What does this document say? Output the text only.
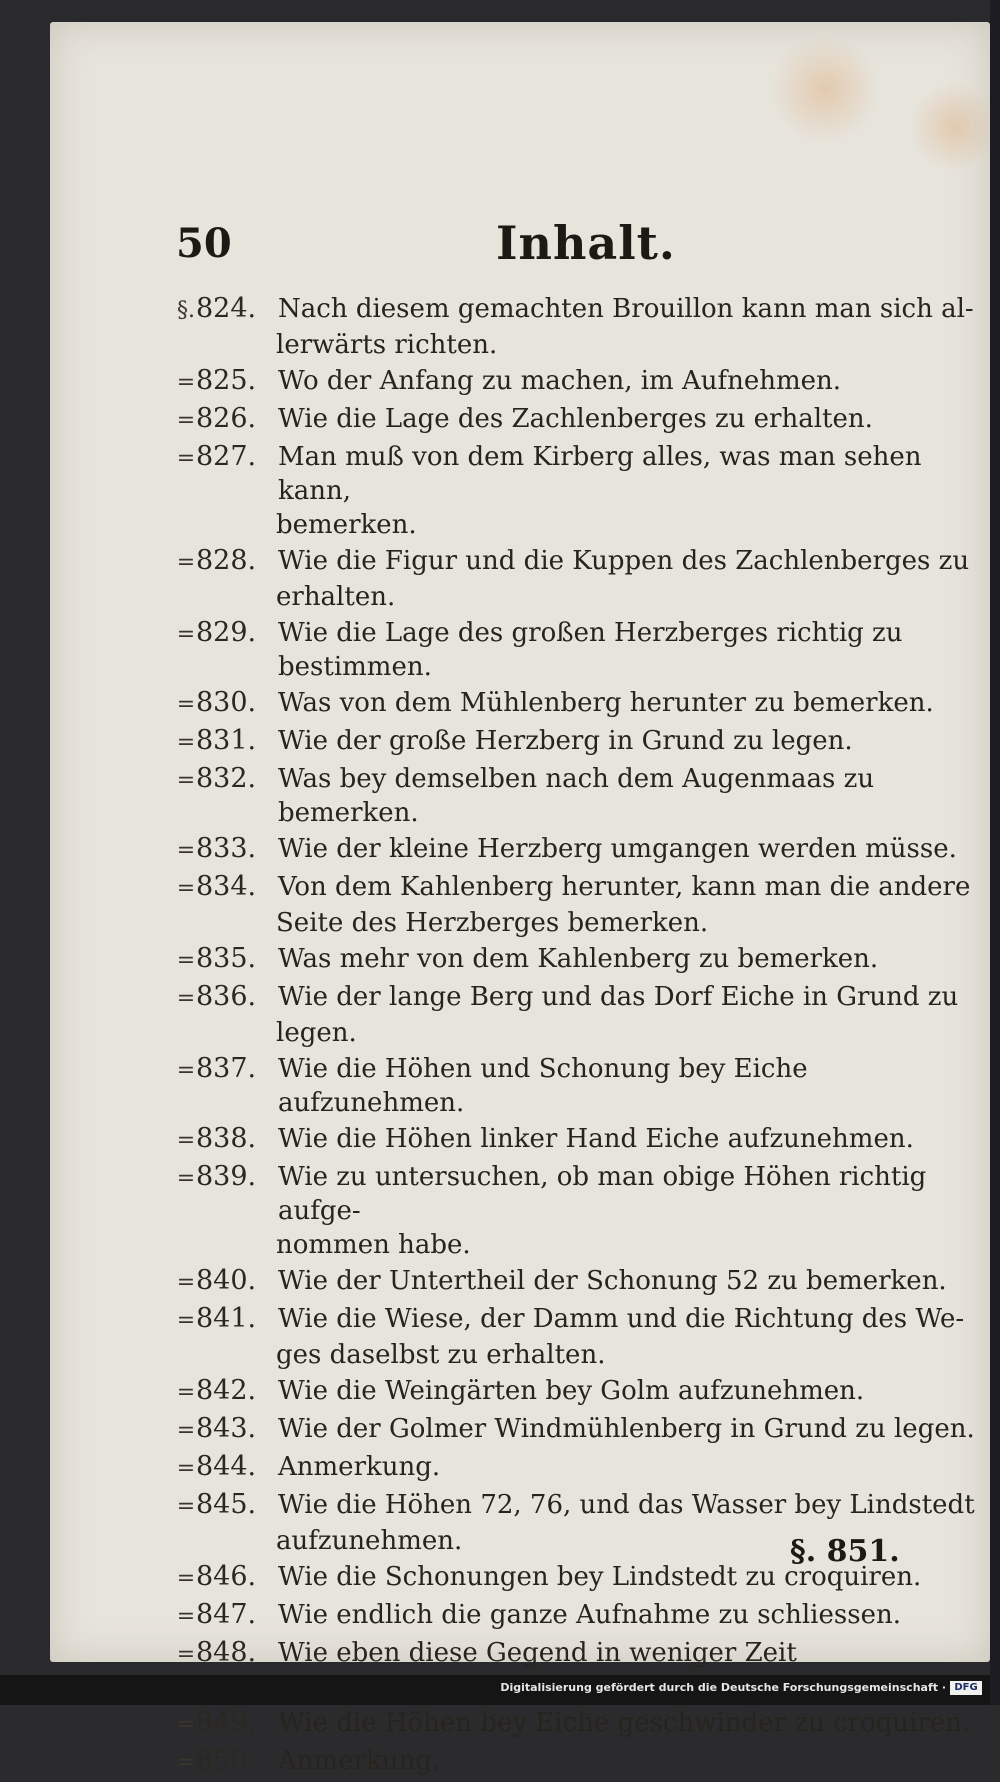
50	Inhalt.
§. 824. Nach diesem gemachten Brouillon kann man sich al-
lerwärts richten.
= 825. Wo der Anfang zu machen, im Aufnehmen.
= 826. Wie die Lage des Zachlenberges zu erhalten.
= 827. Man muß von dem Kirberg alles, was man sehen kann,
bemerken.
= 828. Wie die Figur und die Kuppen des Zachlenberges zu
erhalten.
= 829. Wie die Lage des großen Herzberges richtig zu bestimmen.
= 830. Was von dem Mühlenberg herunter zu bemerken.
= 831. Wie der große Herzberg in Grund zu legen.
= 832. Was bey demselben nach dem Augenmaas zu bemerken.
= 833. Wie der kleine Herzberg umgangen werden müsse.
= 834. Von dem Kahlenberg herunter, kann man die andere
Seite des Herzberges bemerken.
= 835. Was mehr von dem Kahlenberg zu bemerken.
= 836. Wie der lange Berg und das Dorf Eiche in Grund zu
legen.
= 837. Wie die Höhen und Schonung bey Eiche aufzunehmen.
= 838. Wie die Höhen linker Hand Eiche aufzunehmen.
= 839. Wie zu untersuchen, ob man obige Höhen richtig aufge-
nommen habe.
= 840. Wie der Untertheil der Schonung 52 zu bemerken.
= 841. Wie die Wiese, der Damm und die Richtung des We-
ges daselbst zu erhalten.
= 842. Wie die Weingärten bey Golm aufzunehmen.
= 843. Wie der Golmer Windmühlenberg in Grund zu legen.
= 844. Anmerkung.
= 845. Wie die Höhen 72, 76, und das Wasser bey Lindstedt
aufzunehmen.
= 846. Wie die Schonungen bey Lindstedt zu croquiren.
= 847. Wie endlich die ganze Aufnahme zu schliessen.
= 848. Wie eben diese Gegend in weniger Zeit
= 849. Wie die Höhen bey Eiche geschwinder zu croquiren.
= 850. Anmerkung.
§. 851.
Digitalisierung gefördert durch die Deutsche Forschungsgemeinschaft · DFG
